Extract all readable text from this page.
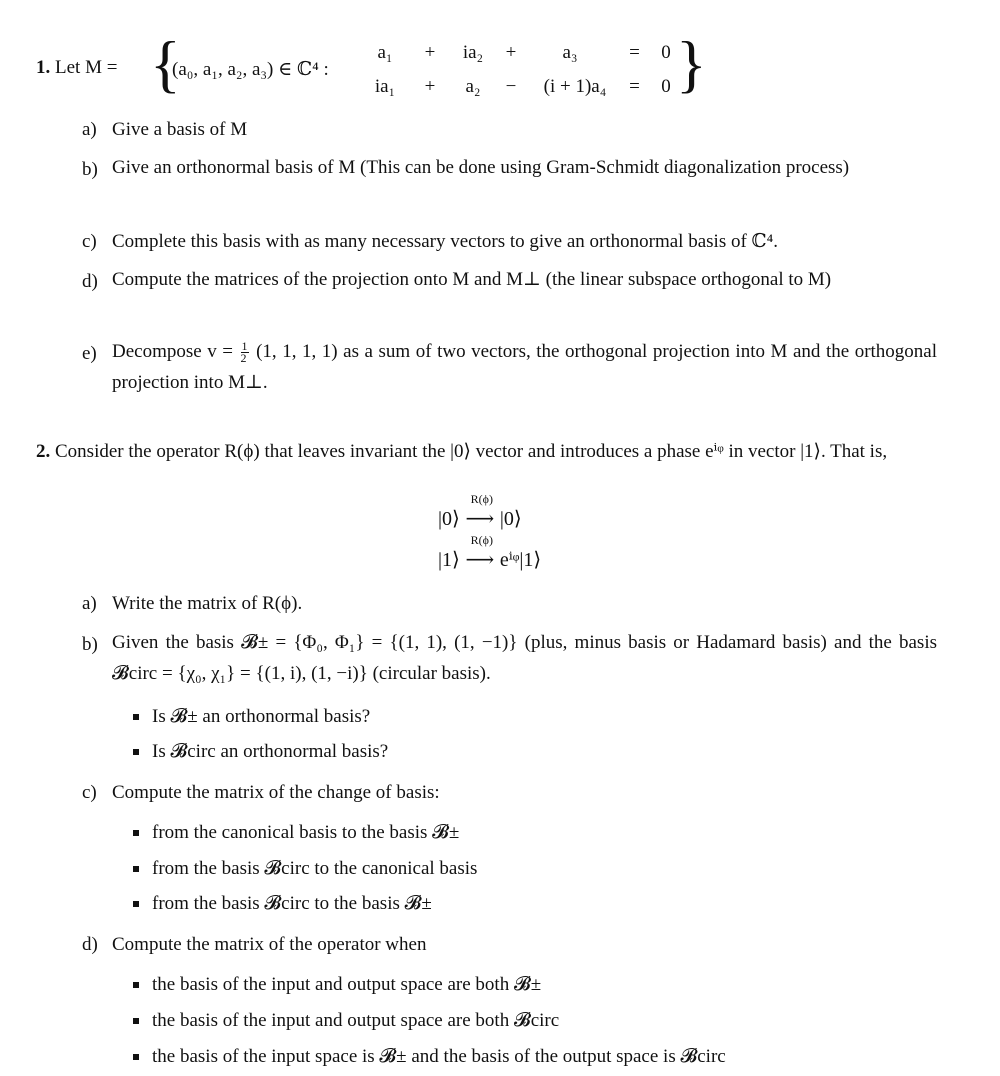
1. Let M = {
(a₀, a₁, a₂, a₃) ∈ ℂ⁴ :
a₁	+	ia₂	+	a₃	=	0
ia₁	+	a₂	−	(i + 1)a₄	=	0 }
a) Give a basis of M
b) Give an orthonormal basis of M (This can be done using Gram-Schmidt diagonalization process)
c) Complete this basis with as many necessary vectors to give an orthonormal basis of ℂ⁴.
d) Compute the matrices of the projection onto M and M⊥ (the linear subspace orthogonal to M)
e) Decompose $v = \frac{1}{2} (1$, 1, 1, 1) as a sum of two vectors, the orthogonal projection into M and the orthogonal projection into M⊥.
2. Consider the operator R(ϕ) that leaves invariant the |0⟩ vector and introduces a phase eⁱᵠ in vector |1⟩. That is,
|0⟩
R(ϕ)
⟶ |0⟩
|1⟩
R(ϕ)
⟶ eⁱᵠ|1⟩
a) Write the matrix of R(ϕ).
b) Given the basis 𝓑± = {Φ₀, Φ₁} = {(1, 1), (1, −1)} (plus, minus basis or Hadamard basis) and the basis 𝓑circ = {χ₀, χ₁} = {(1, i), (1, −i)} (circular basis).
Is 𝓑± an orthonormal basis?
Is 𝓑circ an orthonormal basis?
c) Compute the matrix of the change of basis:
from the canonical basis to the basis 𝓑±
from the basis 𝓑circ to the canonical basis
from the basis 𝓑circ to the basis 𝓑±
d) Compute the matrix of the operator when
the basis of the input and output space are both 𝓑±
the basis of the input and output space are both 𝓑circ
the basis of the input space is 𝓑± and the basis of the output space is 𝓑circ
